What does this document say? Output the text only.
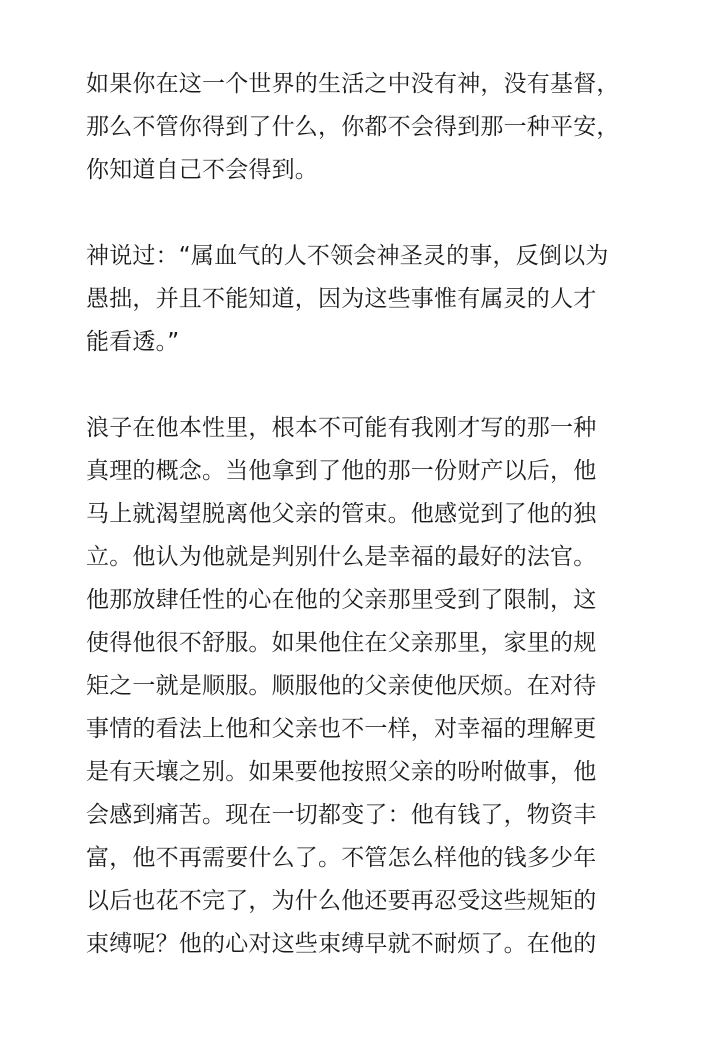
如果你在这一个世界的生活之中没有神，没有基督，
那么不管你得到了什么，你都不会得到那一种平安，
你知道自己不会得到。
神说过：“属血气的人不领会神圣灵的事，反倒以为
愚拙，并且不能知道，因为这些事惟有属灵的人才
能看透。”
浪子在他本性里，根本不可能有我刚才写的那一种
真理的概念。当他拿到了他的那一份财产以后，他
马上就渴望脱离他父亲的管束。他感觉到了他的独
立。他认为他就是判别什么是幸福的最好的法官。
他那放肆任性的心在他的父亲那里受到了限制，这
使得他很不舒服。如果他住在父亲那里，家里的规
矩之一就是顺服。顺服他的父亲使他厌烦。在对待
事情的看法上他和父亲也不一样，对幸福的理解更
是有天壤之别。如果要他按照父亲的吩咐做事，他
会感到痛苦。现在一切都变了：他有钱了，物资丰
富，他不再需要什么了。不管怎么样他的钱多少年
以后也花不完了，为什么他还要再忍受这些规矩的
束缚呢？他的心对这些束缚早就不耐烦了。在他的
